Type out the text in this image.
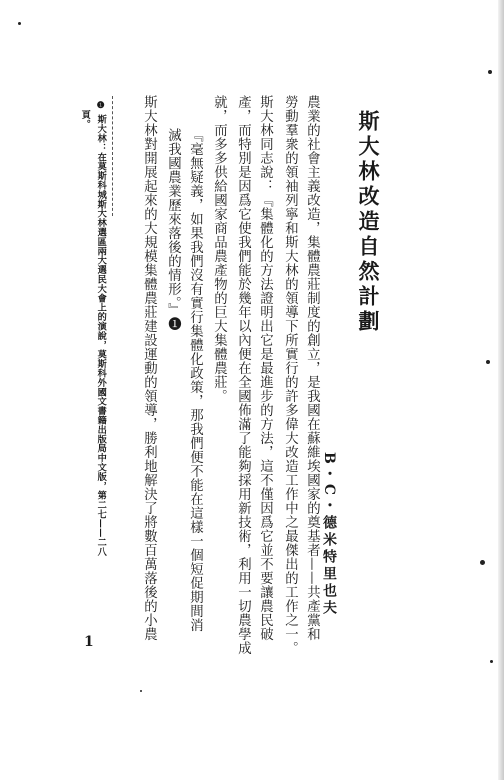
斯大林改造自然計劃
B・C・德米特里也夫
農業的社會主義改造，集體農莊制度的創立，是我國在蘇維埃國家的奠基者——共產黨和
勞動羣衆的領袖列寧和斯大林的領導下所實行的許多偉大改造工作中之最傑出的工作之一。
斯大林同志說：『集體化的方法證明出它是最進步的方法，這不僅因爲它並不要讓農民破
產，而特別是因爲它使我們能於幾年以內便在全國佈滿了能夠採用新技術，利用一切農學成
就，而多多供給國家商品農產物的巨大集體農莊。
『毫無疑義，如果我們沒有實行集體化政策，那我們便不能在這樣一個短促期間消
滅我國農業歷來落後的情形。』❶
斯大林對開展起來的大規模集體農莊建設運動的領導，勝利地解決了將數百萬落後的小農
❶ 斯大林：在莫斯科城斯大林選區兩大選民大會上的演說，莫斯科外國文書籍出版局中文版，第二七——二八
頁。
1
